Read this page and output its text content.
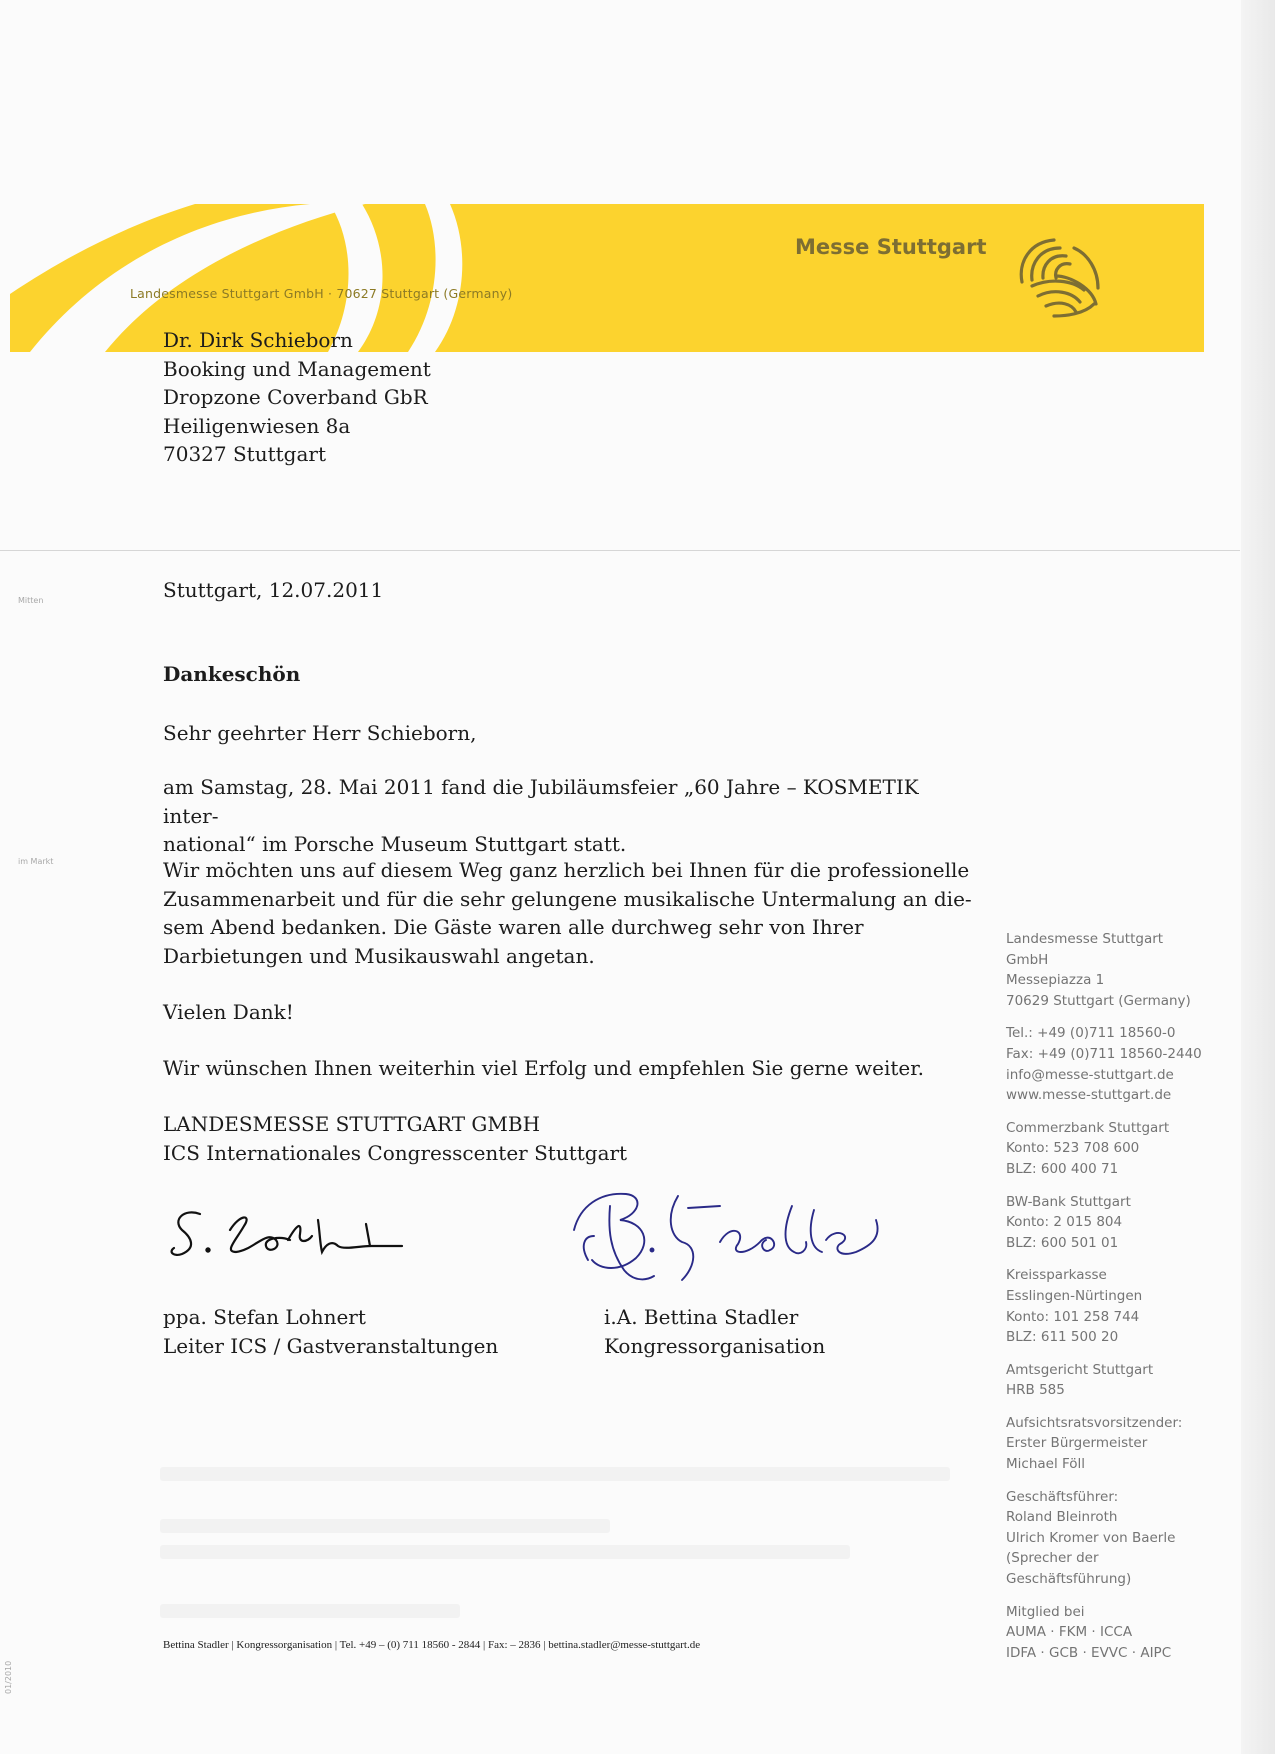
Landesmesse Stuttgart GmbH · 70627 Stuttgart (Germany)
Messe Stuttgart
Dr. Dirk Schieborn
Booking und Management
Dropzone Coverband GbR
Heiligenwiesen 8a
70327 Stuttgart
Mitten
im Markt
01/2010
Stuttgart, 12.07.2011
Dankeschön
Sehr geehrter Herr Schieborn,
am Samstag, 28. Mai 2011 fand die Jubiläumsfeier „60 Jahre – KOSMETIK inter-
national“ im Porsche Museum Stuttgart statt.
Wir möchten uns auf diesem Weg ganz herzlich bei Ihnen für die professionelle
Zusammenarbeit und für die sehr gelungene musikalische Untermalung an die-
sem Abend bedanken. Die Gäste waren alle durchweg sehr von Ihrer
Darbietungen und Musikauswahl angetan.
Vielen Dank!
Wir wünschen Ihnen weiterhin viel Erfolg und empfehlen Sie gerne weiter.
LANDESMESSE STUTTGART GMBH
ICS Internationales Congresscenter Stuttgart
ppa. Stefan Lohnert
Leiter ICS / Gastveranstaltungen
i.A. Bettina Stadler
Kongressorganisation
Landesmesse Stuttgart
GmbH
Messepiazza 1
70629 Stuttgart (Germany)
Tel.: +49 (0)711 18560-0
Fax: +49 (0)711 18560-2440
info@messe-stuttgart.de
www.messe-stuttgart.de
Commerzbank Stuttgart
Konto: 523 708 600
BLZ: 600 400 71
BW-Bank Stuttgart
Konto: 2 015 804
BLZ: 600 501 01
Kreissparkasse
Esslingen-Nürtingen
Konto: 101 258 744
BLZ: 611 500 20
Amtsgericht Stuttgart
HRB 585
Aufsichtsratsvorsitzender:
Erster Bürgermeister
Michael Föll
Geschäftsführer:
Roland Bleinroth
Ulrich Kromer von Baerle
(Sprecher der
Geschäftsführung)
Mitglied bei
AUMA · FKM · ICCA
IDFA · GCB · EVVC · AIPC
Bettina Stadler | Kongressorganisation | Tel. +49 – (0) 711 18560 - 2844 | Fax: – 2836 | bettina.stadler@messe-stuttgart.de
